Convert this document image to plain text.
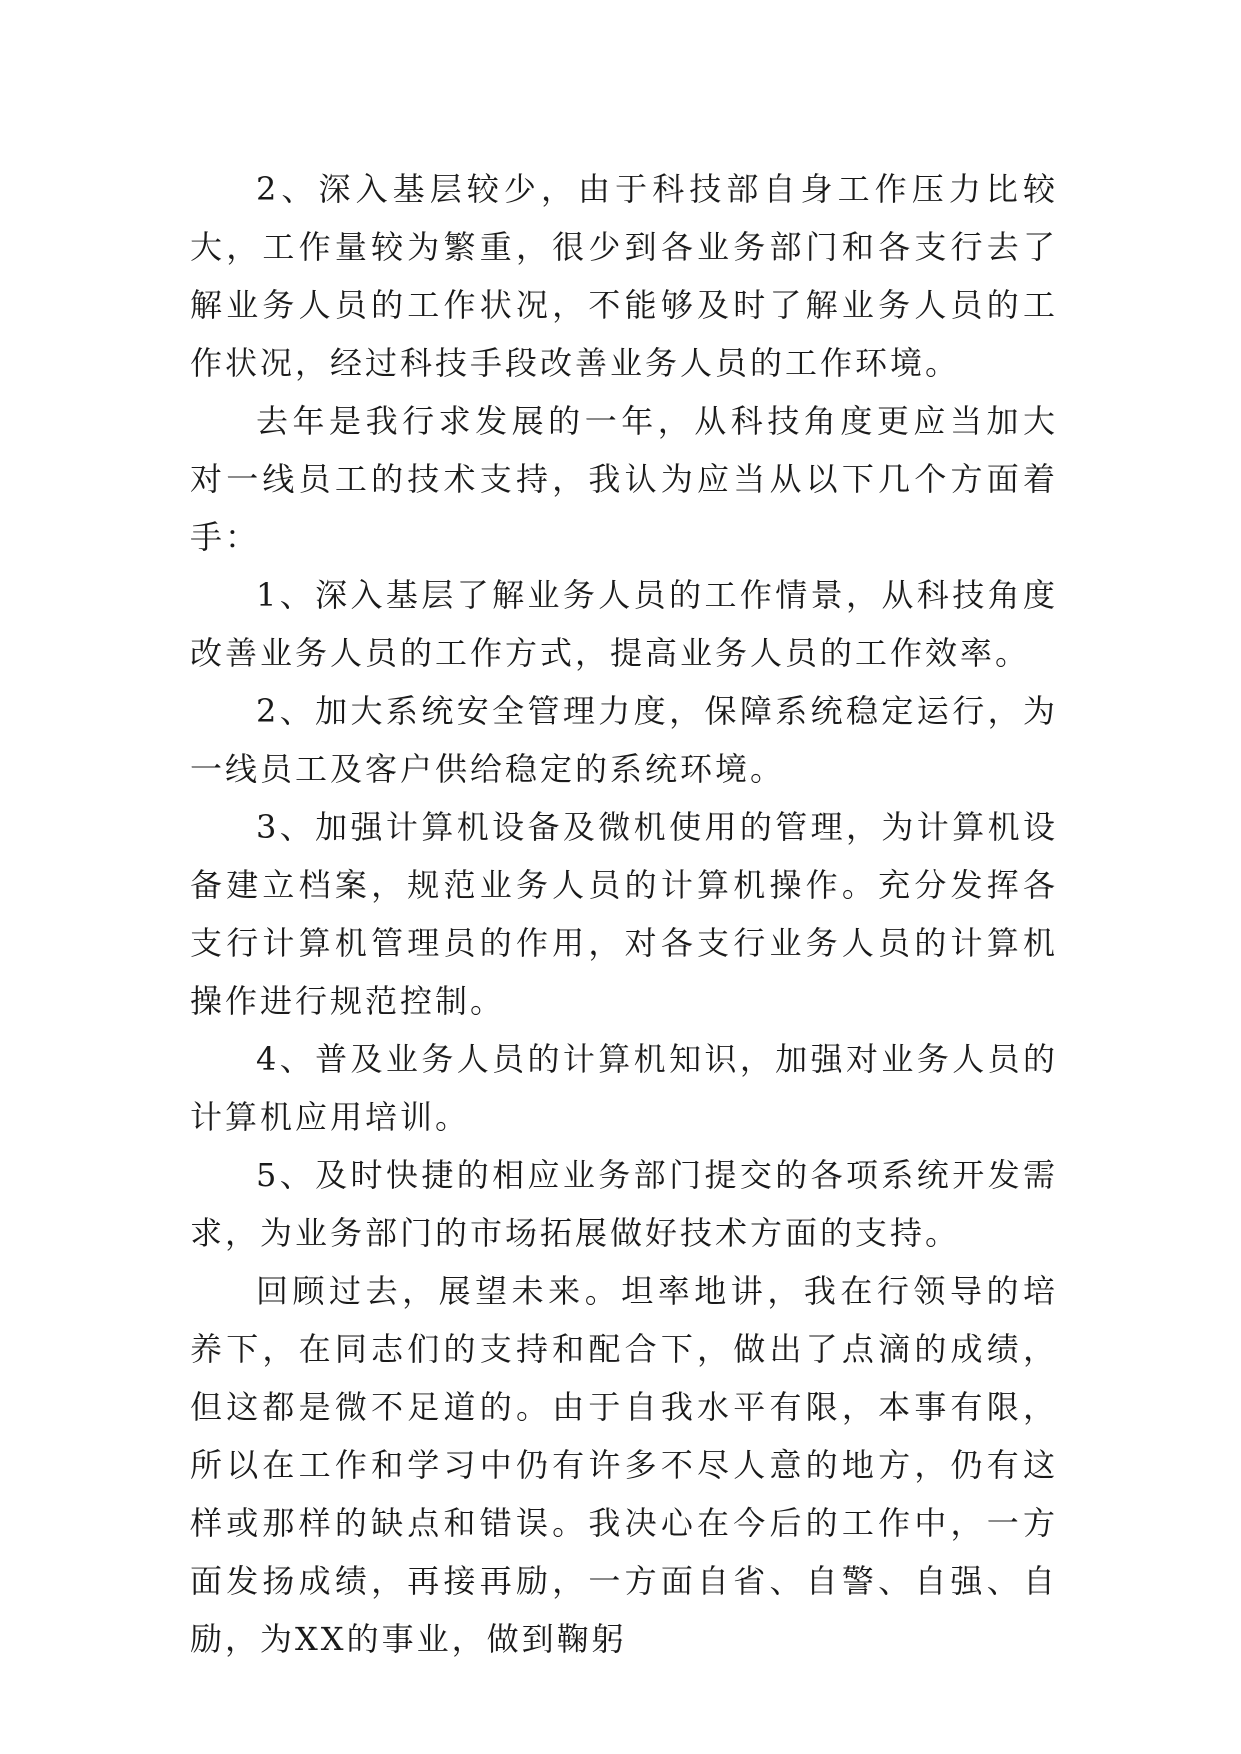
2、深入基层较少，由于科技部自身工作压力比较大，工作量较为繁重，很少到各业务部门和各支行去了解业务人员的工作状况，不能够及时了解业务人员的工作状况，经过科技手段改善业务人员的工作环境。

去年是我行求发展的一年，从科技角度更应当加大对一线员工的技术支持，我认为应当从以下几个方面着手：

1、深入基层了解业务人员的工作情景，从科技角度改善业务人员的工作方式，提高业务人员的工作效率。

2、加大系统安全管理力度，保障系统稳定运行，为一线员工及客户供给稳定的系统环境。

3、加强计算机设备及微机使用的管理，为计算机设备建立档案，规范业务人员的计算机操作。充分发挥各支行计算机管理员的作用，对各支行业务人员的计算机操作进行规范控制。

4、普及业务人员的计算机知识，加强对业务人员的计算机应用培训。

5、及时快捷的相应业务部门提交的各项系统开发需求，为业务部门的市场拓展做好技术方面的支持。

回顾过去，展望未来。坦率地讲，我在行领导的培养下，在同志们的支持和配合下，做出了点滴的成绩，但这都是微不足道的。由于自我水平有限，本事有限，所以在工作和学习中仍有许多不尽人意的地方，仍有这样或那样的缺点和错误。我决心在今后的工作中，一方面发扬成绩，再接再励，一方面自省、自警、自强、自励，为XX的事业，做到鞠躬
